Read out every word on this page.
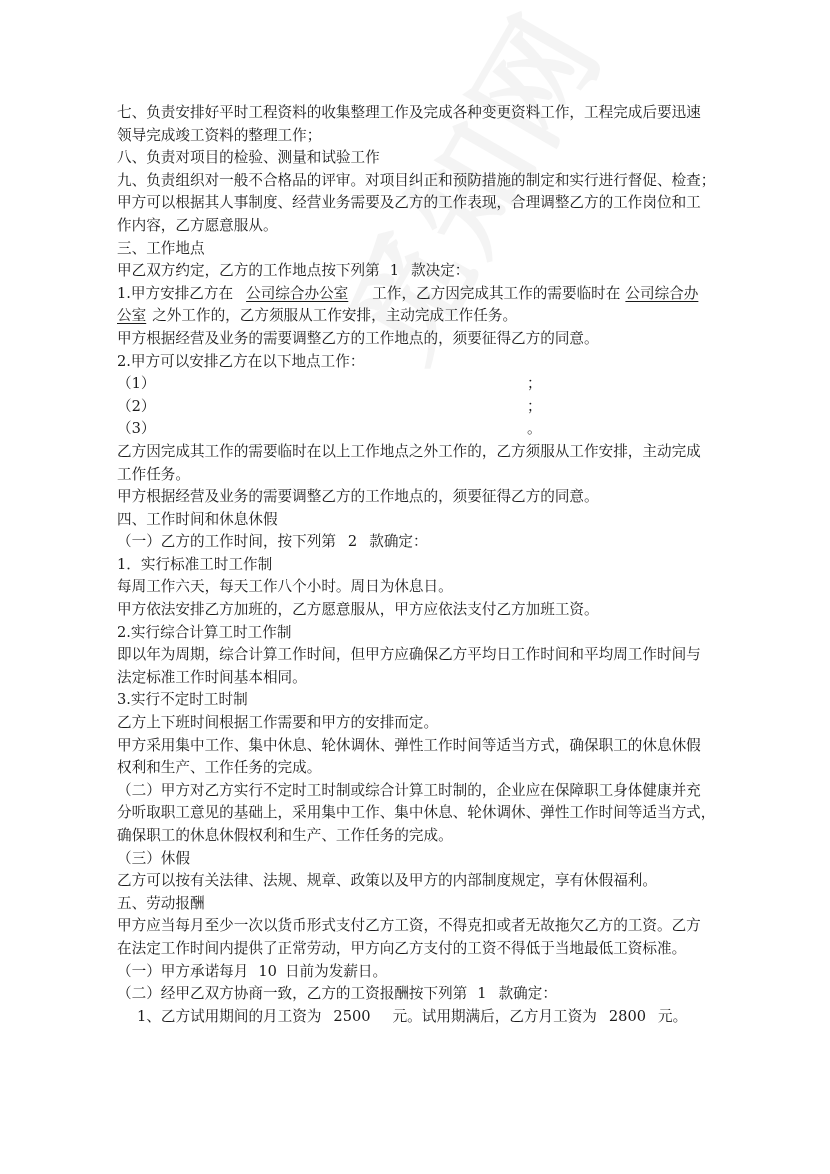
七、负责安排好平时工程资料的收集整理工作及完成各种变更资料工作，工程完成后要迅速
领导完成竣工资料的整理工作；
八、负责对项目的检验、测量和试验工作
九、负责组织对一般不合格品的评审。对项目纠正和预防措施的制定和实行进行督促、检查；
甲方可以根据其人事制度、经营业务需要及乙方的工作表现，合理调整乙方的工作岗位和工
作内容，乙方愿意服从。
三、工作地点
甲乙双方约定，乙方的工作地点按下列第 1 款决定：
1.甲方安排乙方在 公司综合办公室 工作，乙方因完成其工作的需要临时在 公司综合办
公室 之外工作的，乙方须服从工作安排，主动完成工作任务。
甲方根据经营及业务的需要调整乙方的工作地点的，须要征得乙方的同意。
2.甲方可以安排乙方在以下地点工作：
（1）	；
（2）	；
（3）	。
乙方因完成其工作的需要临时在以上工作地点之外工作的，乙方须服从工作安排，主动完成
工作任务。
甲方根据经营及业务的需要调整乙方的工作地点的，须要征得乙方的同意。
四、工作时间和休息休假
（一）乙方的工作时间，按下列第 2 款确定：
1．实行标准工时工作制
每周工作六天，每天工作八个小时。周日为休息日。
甲方依法安排乙方加班的，乙方愿意服从，甲方应依法支付乙方加班工资。
2.实行综合计算工时工作制
即以年为周期，综合计算工作时间，但甲方应确保乙方平均日工作时间和平均周工作时间与
法定标准工作时间基本相同。
3.实行不定时工时制
乙方上下班时间根据工作需要和甲方的安排而定。
甲方采用集中工作、集中休息、轮休调休、弹性工作时间等适当方式，确保职工的休息休假
权利和生产、工作任务的完成。
（二）甲方对乙方实行不定时工时制或综合计算工时制的，企业应在保障职工身体健康并充
分听取职工意见的基础上，采用集中工作、集中休息、轮休调休、弹性工作时间等适当方式，
确保职工的休息休假权利和生产、工作任务的完成。
（三）休假
乙方可以按有关法律、法规、规章、政策以及甲方的内部制度规定，享有休假福利。
五、劳动报酬
甲方应当每月至少一次以货币形式支付乙方工资，不得克扣或者无故拖欠乙方的工资。乙方
在法定工作时间内提供了正常劳动，甲方向乙方支付的工资不得低于当地最低工资标准。
（一）甲方承诺每月 10 日前为发薪日。
（二）经甲乙双方协商一致，乙方的工资报酬按下列第 1 款确定：
1、乙方试用期间的月工资为 2500 元。试用期满后，乙方月工资为 2800 元。
